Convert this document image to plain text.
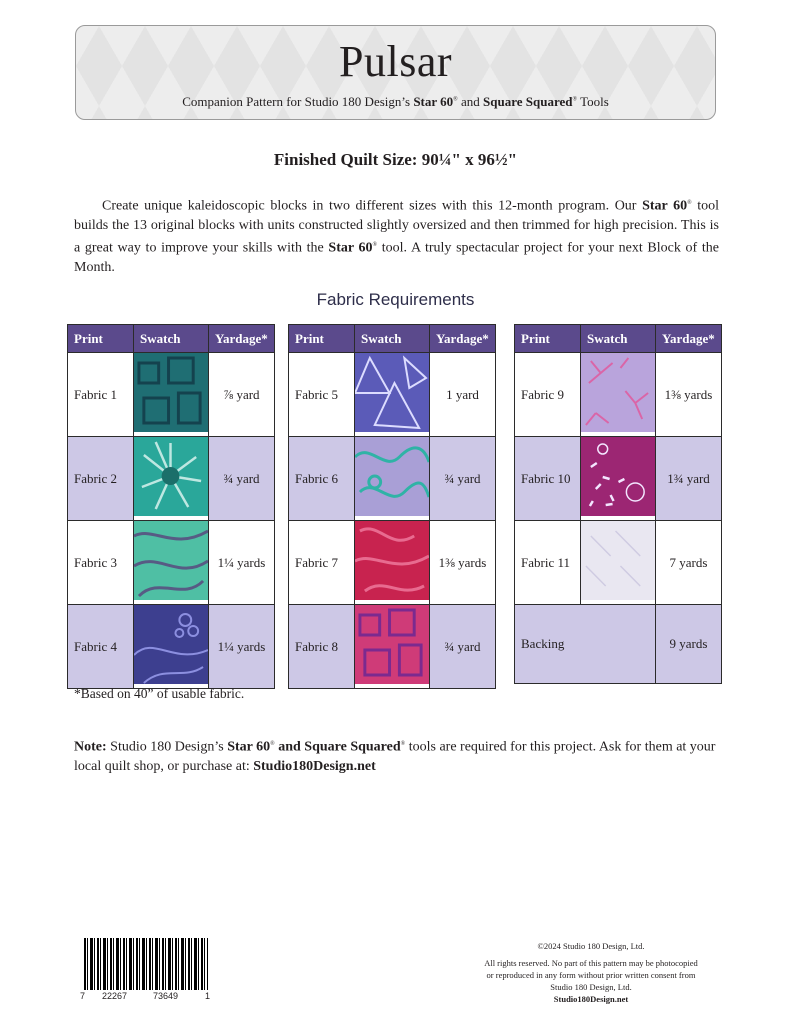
Pulsar
Companion Pattern for Studio 180 Design’s Star 60® and Square Squared® Tools
Finished Quilt Size: 90¼" x 96½"

Create unique kaleidoscopic blocks in two different sizes with this 12-month program. Our Star 60® tool builds the 13 original blocks with units constructed slightly oversized and then trimmed for high precision. This is a great way to improve your skills with the Star 60® tool. A truly spectacular project for your next Block of the Month.

Fabric Requirements
Print	Swatch	Yardage*
Fabric 1		⅞ yard
Fabric 2		¾ yard
Fabric 3		1¼ yards
Fabric 4		1¼ yards
Print	Swatch	Yardage*
Fabric 5		1 yard
Fabric 6		¾ yard
Fabric 7		1⅜ yards
Fabric 8		¾ yard
Print	Swatch	Yardage*
Fabric 9		1⅜ yards
Fabric 10		1¾ yard
Fabric 11		7 yards
Backing		9 yards
*Based on 40” of usable fabric.

Note: Studio 180 Design’s Star 60® and Square Squared® tools are required for this project. Ask for them at your local quilt shop, or purchase at: Studio180Design.net

7 22267	73649	1
©2024 Studio 180 Design, Ltd.
All rights reserved. No part of this pattern may be photocopied
or reproduced in any form without prior written consent from
Studio 180 Design, Ltd.
Studio180Design.net
